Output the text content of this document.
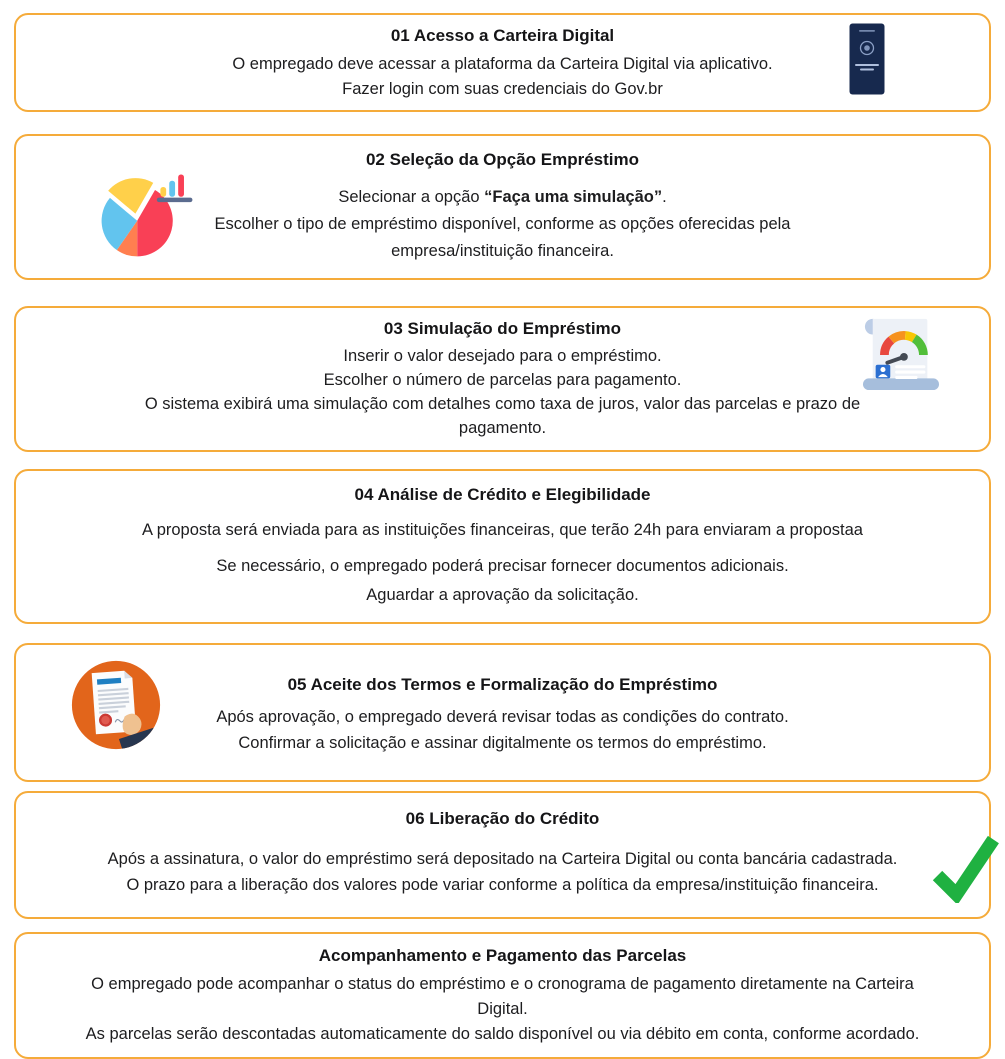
01 Acesso a Carteira Digital
O empregado deve acessar a plataforma da Carteira Digital via aplicativo.
Fazer login com suas credenciais do Gov.br
02 Seleção da Opção Empréstimo
Selecionar a opção “Faça uma simulação”.
Escolher o tipo de empréstimo disponível, conforme as opções oferecidas pela
empresa/instituição financeira.
03 Simulação do Empréstimo
Inserir o valor desejado para o empréstimo.
Escolher o número de parcelas para pagamento.
O sistema exibirá uma simulação com detalhes como taxa de juros, valor das parcelas e prazo de
pagamento.
04 Análise de Crédito e Elegibilidade
A proposta será enviada para as instituições financeiras, que terão 24h para enviaram a propostaa
Se necessário, o empregado poderá precisar fornecer documentos adicionais.
Aguardar a aprovação da solicitação.
05 Aceite dos Termos e Formalização do Empréstimo
Após aprovação, o empregado deverá revisar todas as condições do contrato.
Confirmar a solicitação e assinar digitalmente os termos do empréstimo.
06 Liberação do Crédito
Após a assinatura, o valor do empréstimo será depositado na Carteira Digital ou conta bancária cadastrada.
O prazo para a liberação dos valores pode variar conforme a política da empresa/instituição financeira.
Acompanhamento e Pagamento das Parcelas
O empregado pode acompanhar o status do empréstimo e o cronograma de pagamento diretamente na Carteira
Digital.
As parcelas serão descontadas automaticamente do saldo disponível ou via débito em conta, conforme acordado.
